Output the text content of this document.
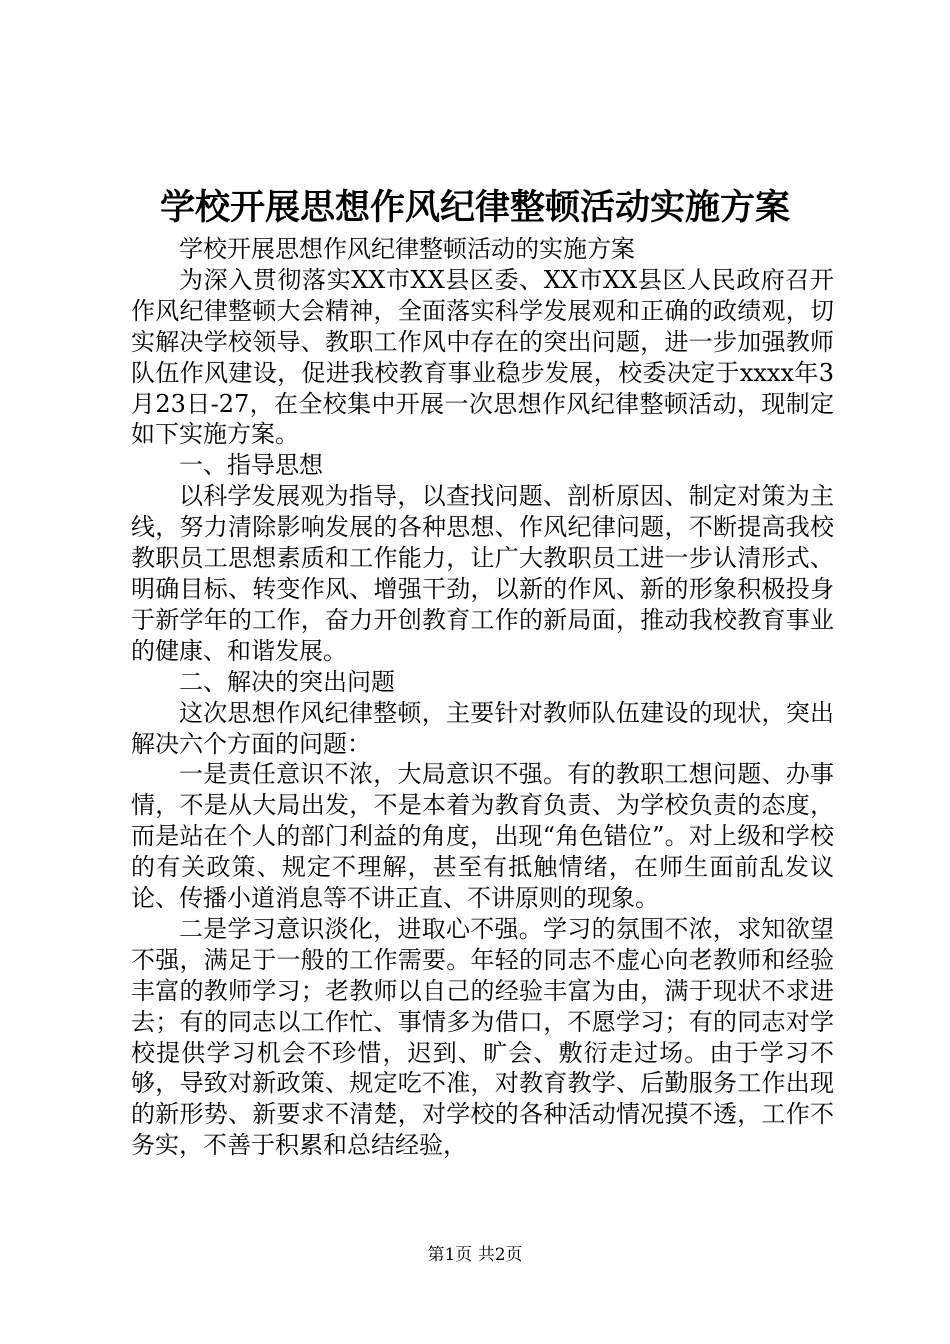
学校开展思想作风纪律整顿活动实施方案

学校开展思想作风纪律整顿活动的实施方案

为深入贯彻落实XX市XX县区委、XX市XX县区人民政府召开作风纪律整顿大会精神，全面落实科学发展观和正确的政绩观，切实解决学校领导、教职工作风中存在的突出问题，进一步加强教师队伍作风建设，促进我校教育事业稳步发展，校委决定于xxxx年3月23日-27，在全校集中开展一次思想作风纪律整顿活动，现制定如下实施方案。

一、指导思想

以科学发展观为指导，以查找问题、剖析原因、制定对策为主线，努力清除影响发展的各种思想、作风纪律问题，不断提高我校教职员工思想素质和工作能力，让广大教职员工进一步认清形式、明确目标、转变作风、增强干劲，以新的作风、新的形象积极投身于新学年的工作，奋力开创教育工作的新局面，推动我校教育事业的健康、和谐发展。

二、解决的突出问题

这次思想作风纪律整顿，主要针对教师队伍建设的现状，突出解决六个方面的问题：

一是责任意识不浓，大局意识不强。有的教职工想问题、办事情，不是从大局出发，不是本着为教育负责、为学校负责的态度，而是站在个人的部门利益的角度，出现“角色错位”。对上级和学校的有关政策、规定不理解，甚至有抵触情绪，在师生面前乱发议论、传播小道消息等不讲正直、不讲原则的现象。

二是学习意识淡化，进取心不强。学习的氛围不浓，求知欲望不强，满足于一般的工作需要。年轻的同志不虚心向老教师和经验丰富的教师学习；老教师以自己的经验丰富为由，满于现状不求进去；有的同志以工作忙、事情多为借口，不愿学习；有的同志对学校提供学习机会不珍惜，迟到、旷会、敷衍走过场。由于学习不够，导致对新政策、规定吃不准，对教育教学、后勤服务工作出现的新形势、新要求不清楚，对学校的各种活动情况摸不透，工作不务实，不善于积累和总结经验，

第1页 共2页
